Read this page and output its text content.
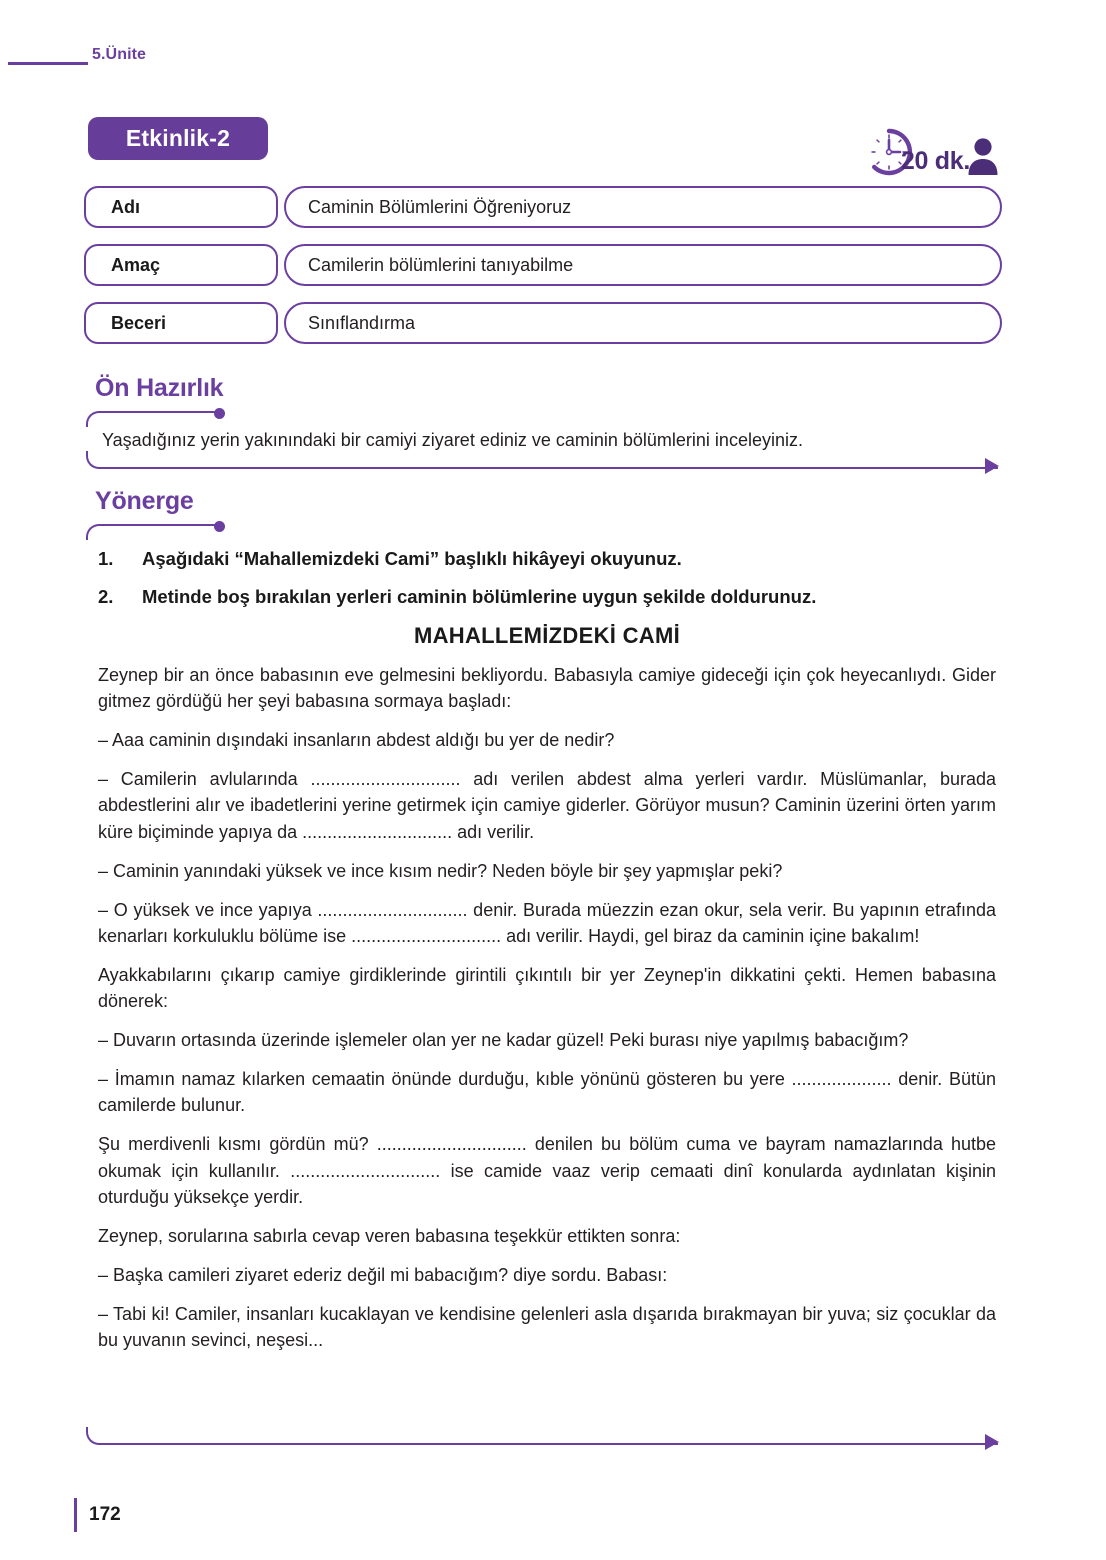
5.Ünite
Etkinlik-2
20 dk.
Adı	Caminin Bölümlerini Öğreniyoruz
Amaç	Camilerin bölümlerini tanıyabilme
Beceri	Sınıflandırma
Ön Hazırlık
Yaşadığınız yerin yakınındaki bir camiyi ziyaret ediniz ve caminin bölümlerini inceleyiniz.
Yönerge
1.	Aşağıdaki “Mahallemizdeki Cami” başlıklı hikâyeyi okuyunuz.
2.	Metinde boş bırakılan yerleri caminin bölümlerine uygun şekilde doldurunuz.
MAHALLEMİZDEKİ CAMİ

Zeynep bir an önce babasının eve gelmesini bekliyordu. Babasıyla camiye gideceği için çok heyecanlıydı. Gider gitmez gördüğü her şeyi babasına sormaya başladı:

– Aaa caminin dışındaki insanların abdest aldığı bu yer de nedir?

– Camilerin avlularında .............................. adı verilen abdest alma yerleri vardır. Müslümanlar, burada abdestlerini alır ve ibadetlerini yerine getirmek için camiye giderler. Görüyor musun? Caminin üzerini örten yarım küre biçiminde yapıya da .............................. adı verilir.

– Caminin yanındaki yüksek ve ince kısım nedir? Neden böyle bir şey yapmışlar peki?

– O yüksek ve ince yapıya .............................. denir. Burada müezzin ezan okur, sela verir. Bu yapının etrafında kenarları korkuluklu bölüme ise .............................. adı verilir. Haydi, gel biraz da caminin içine bakalım!

Ayakkabılarını çıkarıp camiye girdiklerinde girintili çıkıntılı bir yer Zeynep'in dikkatini çekti. Hemen babasına dönerek:

– Duvarın ortasında üzerinde işlemeler olan yer ne kadar güzel! Peki burası niye yapılmış babacığım?

– İmamın namaz kılarken cemaatin önünde durduğu, kıble yönünü gösteren bu yere .................... denir. Bütün camilerde bulunur.

Şu merdivenli kısmı gördün mü? .............................. denilen bu bölüm cuma ve bayram namazlarında hutbe okumak için kullanılır. .............................. ise camide vaaz verip cemaati dinî konularda aydınlatan kişinin oturduğu yüksekçe yerdir.

Zeynep, sorularına sabırla cevap veren babasına teşekkür ettikten sonra:

– Başka camileri ziyaret ederiz değil mi babacığım? diye sordu. Babası:

– Tabi ki! Camiler, insanları kucaklayan ve kendisine gelenleri asla dışarıda bırakmayan bir yuva; siz çocuklar da bu yuvanın sevinci, neşesi...

172
